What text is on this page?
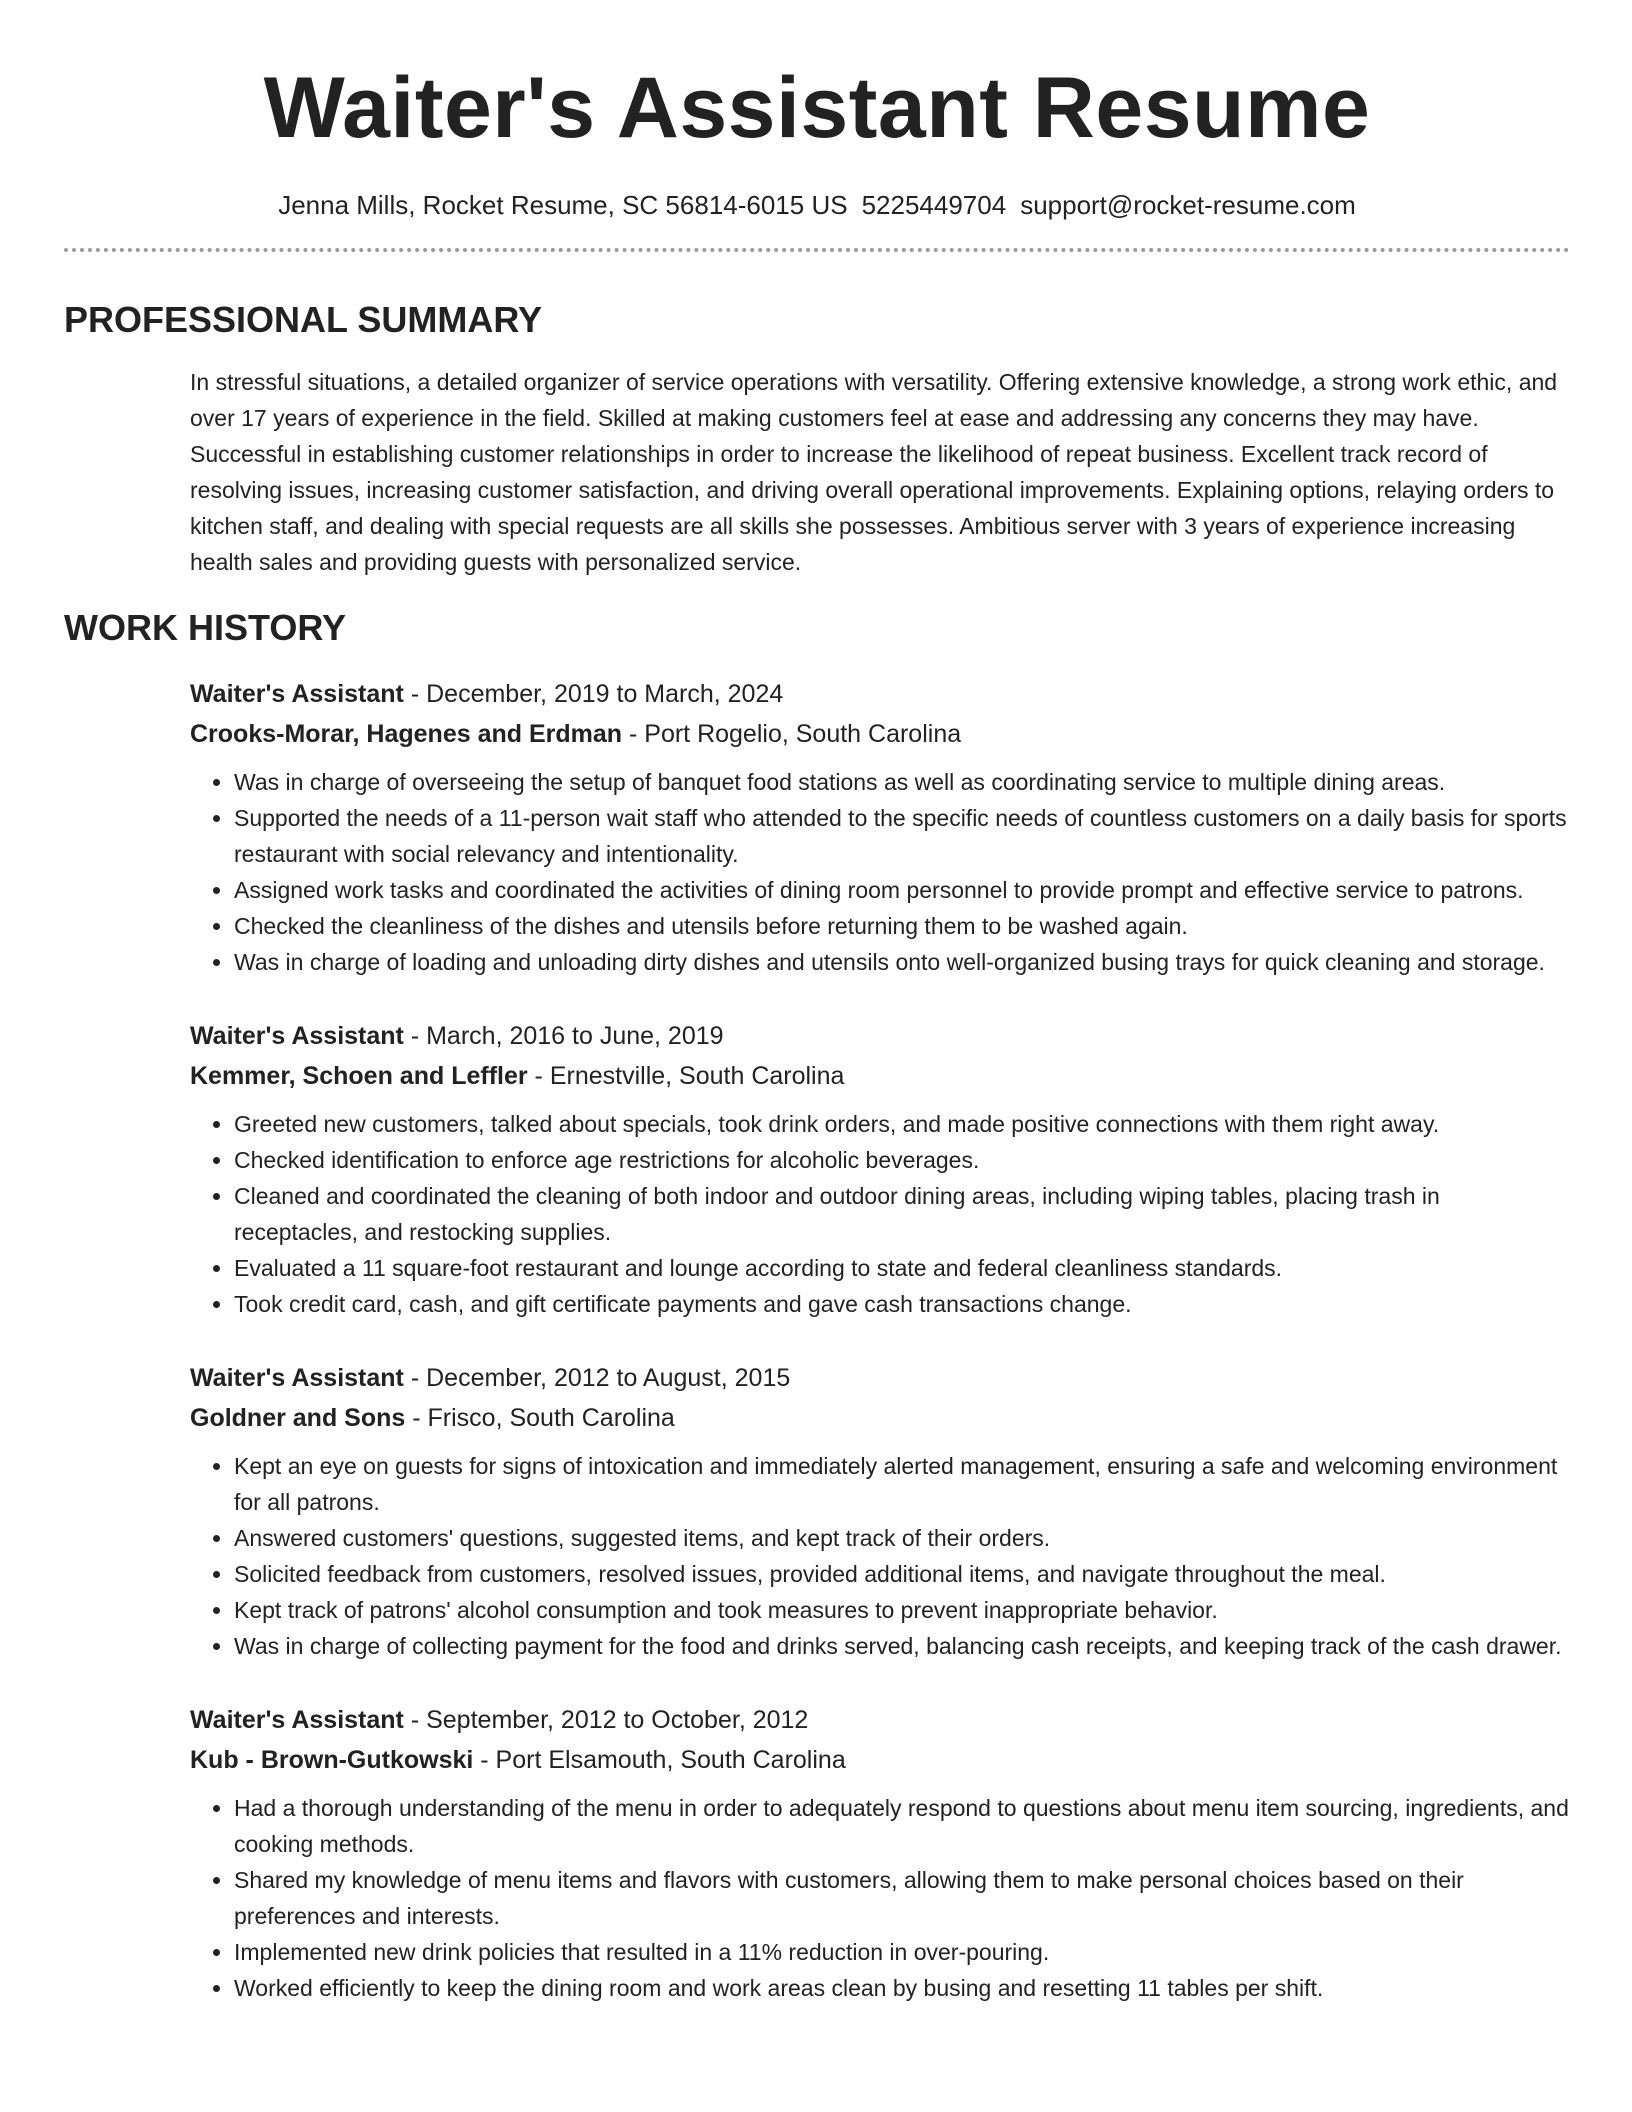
Waiter's Assistant Resume
Jenna Mills, Rocket Resume, SC 56814-6015 US 5225449704 support@rocket-resume.com
PROFESSIONAL SUMMARY

In stressful situations, a detailed organizer of service operations with versatility. Offering extensive knowledge, a strong work ethic, and over 17 years of experience in the field. Skilled at making customers feel at ease and addressing any concerns they may have. Successful in establishing customer relationships in order to increase the likelihood of repeat business. Excellent track record of resolving issues, increasing customer satisfaction, and driving overall operational improvements. Explaining options, relaying orders to kitchen staff, and dealing with special requests are all skills she possesses. Ambitious server with 3 years of experience increasing health sales and providing guests with personalized service.

WORK HISTORY
Waiter's Assistant - December, 2019 to March, 2024
Crooks-Morar, Hagenes and Erdman - Port Rogelio, South Carolina
• Was in charge of overseeing the setup of banquet food stations as well as coordinating service to multiple dining areas.
• Supported the needs of a 11-person wait staff who attended to the specific needs of countless customers on a daily basis for sports restaurant with social relevancy and intentionality.
• Assigned work tasks and coordinated the activities of dining room personnel to provide prompt and effective service to patrons.
• Checked the cleanliness of the dishes and utensils before returning them to be washed again.
• Was in charge of loading and unloading dirty dishes and utensils onto well-organized busing trays for quick cleaning and storage.
Waiter's Assistant - March, 2016 to June, 2019
Kemmer, Schoen and Leffler - Ernestville, South Carolina
• Greeted new customers, talked about specials, took drink orders, and made positive connections with them right away.
• Checked identification to enforce age restrictions for alcoholic beverages.
• Cleaned and coordinated the cleaning of both indoor and outdoor dining areas, including wiping tables, placing trash in receptacles, and restocking supplies.
• Evaluated a 11 square-foot restaurant and lounge according to state and federal cleanliness standards.
• Took credit card, cash, and gift certificate payments and gave cash transactions change.
Waiter's Assistant - December, 2012 to August, 2015
Goldner and Sons - Frisco, South Carolina
• Kept an eye on guests for signs of intoxication and immediately alerted management, ensuring a safe and welcoming environment for all patrons.
• Answered customers' questions, suggested items, and kept track of their orders.
• Solicited feedback from customers, resolved issues, provided additional items, and navigate throughout the meal.
• Kept track of patrons' alcohol consumption and took measures to prevent inappropriate behavior.
• Was in charge of collecting payment for the food and drinks served, balancing cash receipts, and keeping track of the cash drawer.
Waiter's Assistant - September, 2012 to October, 2012
Kub - Brown-Gutkowski - Port Elsamouth, South Carolina
• Had a thorough understanding of the menu in order to adequately respond to questions about menu item sourcing, ingredients, and cooking methods.
• Shared my knowledge of menu items and flavors with customers, allowing them to make personal choices based on their preferences and interests.
• Implemented new drink policies that resulted in a 11% reduction in over-pouring.
• Worked efficiently to keep the dining room and work areas clean by busing and resetting 11 tables per shift.
